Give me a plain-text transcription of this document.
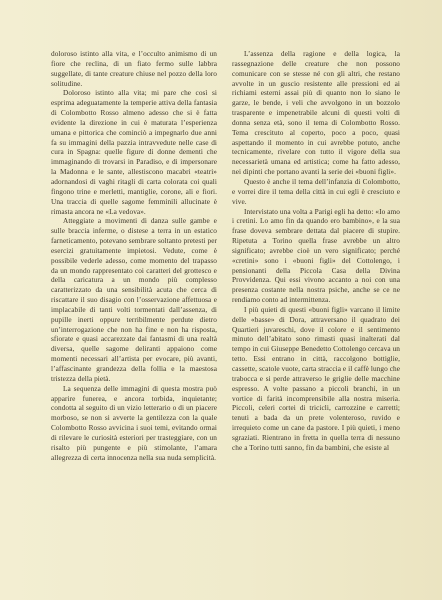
doloroso istinto alla vita, e l’occulto animismo di un fiore che reclina, di un fiato fermo sulle labbra suggellate, di tante creature chiuse nel pozzo della loro solitudine.

Doloroso istinto alla vita; mi pare che così si esprima adeguatamente la temperie attiva della fantasia di Colombotto Rosso almeno adesso che si è fatta evidente la direzione in cui è maturata l’esperienza umana e pittorica che cominciò a impegnarlo due anni fa su immagini della pazzia intravvedute nelle case di cura in Spagna: quelle figure di donne dementi che immaginando di trovarsi in Paradiso, e di impersonare la Madonna e le sante, allestiscono macabri «teatri» adornandosi di vaghi ritagli di carta colorata coi quali fingono trine e merletti, mantiglie, corone, ali e fiori. Una traccia di quelle sagome femminili allucinate è rimasta ancora ne «La vedova».

Atteggiate a movimenti di danza sulle gambe e sulle braccia inferme, o distese a terra in un estatico farneticamento, potevano sembrare soltanto pretesti per esercizi gratuitamente impietosi. Vedute, come è possibile vederle adesso, come momento del trapasso da un mondo rappresentato coi caratteri del grottesco e della caricatura a un mondo più complesso caratterizzato da una sensibilità acuta che cerca di riscattare il suo disagio con l’osservazione affettuosa e implacabile di tanti volti tormentati dall’assenza, di pupille inerti oppure terribilmente perdute dietro un’interrogazione che non ha fine e non ha risposta, sfiorate e quasi accarezzate dai fantasmi di una realtà diversa, quelle sagome deliranti appaiono come momenti necessari all’artista per evocare, più avanti, l’affascinante grandezza della follia e la maestosa tristezza della pietà.

La sequenza delle immagini di questa mostra può apparire funerea, e ancora torbida, inquietante; condotta al seguito di un vizio letterario o di un piacere morboso, se non si avverte la gentilezza con la quale Colombotto Rosso avvicina i suoi temi, evitando ormai di rilevare le curiosità esteriori per trasteggiare, con un risalto più pungente e più stimolante, l’amara allegrezza di certa innocenza nella sua nuda semplicità.

L’assenza della ragione e della logica, la rassegnazione delle creature che non possono comunicare con se stesse né con gli altri, che restano avvolte in un guscio resistente alle pressioni ed ai richiami esterni assai più di quanto non lo siano le garze, le bende, i veli che avvolgono in un bozzolo trasparente e impenetrabile alcuni di questi volti di donna senza età, sono il tema di Colombotto Rosso. Tema crescituto al coperto, poco a poco, quasi aspettando il momento in cui avrebbe potuto, anche tecnicamente, rivelare con tutto il vigore della sua necessarietà umana ed artistica; come ha fatto adesso, nei dipinti che portano avanti la serie dei «buoni figli».

Questo è anche il tema dell’infanzia di Colombotto, e vorrei dire il tema della città in cui egli è cresciuto e vive.

Intervistato una volta a Parigi egli ha detto: «Io amo i cretini. Lo amo fin da quando ero bambino», e la sua frase doveva sembrare dettata dal piacere di stupire. Ripetuta a Torino quella frase avrebbe un altro significato; avrebbe cioè un vero significato; perché «cretini» sono i «buoni figli» del Cottolengo, i pensionanti della Piccola Casa della Divina Provvidenza. Qui essi vivono accanto a noi con una presenza costante nella nostra psiche, anche se ce ne rendiamo conto ad intermittenza.

I più quieti di questi «buoni figli» varcano il limite delle «basse» di Dora, attraversano il quadrato dei Quartieri juvareschi, dove il colore e il sentimento minuto dell’abitato sono rimasti quasi inalterati dal tempo in cui Giuseppe Benedetto Cottolengo cercava un tetto. Essi entrano in città, raccolgono bottiglie, cassette, scatole vuote, carta straccia e il caffè lungo che trabocca e si perde attraverso le griglie delle macchine espresso. A volte passano a piccoli branchi, in un vortice di farità incomprensibile alla nostra miseria. Piccoli, celeri cortei di tricicli, carrozzine e carretti; tenuti a bada da un prete volenteroso, ruvido e irrequieto come un cane da pastore. I più quieti, i meno sgraziati. Rientrano in fretta in quella terra di nessuno che a Torino tutti sanno, fin da bambini, che esiste al
